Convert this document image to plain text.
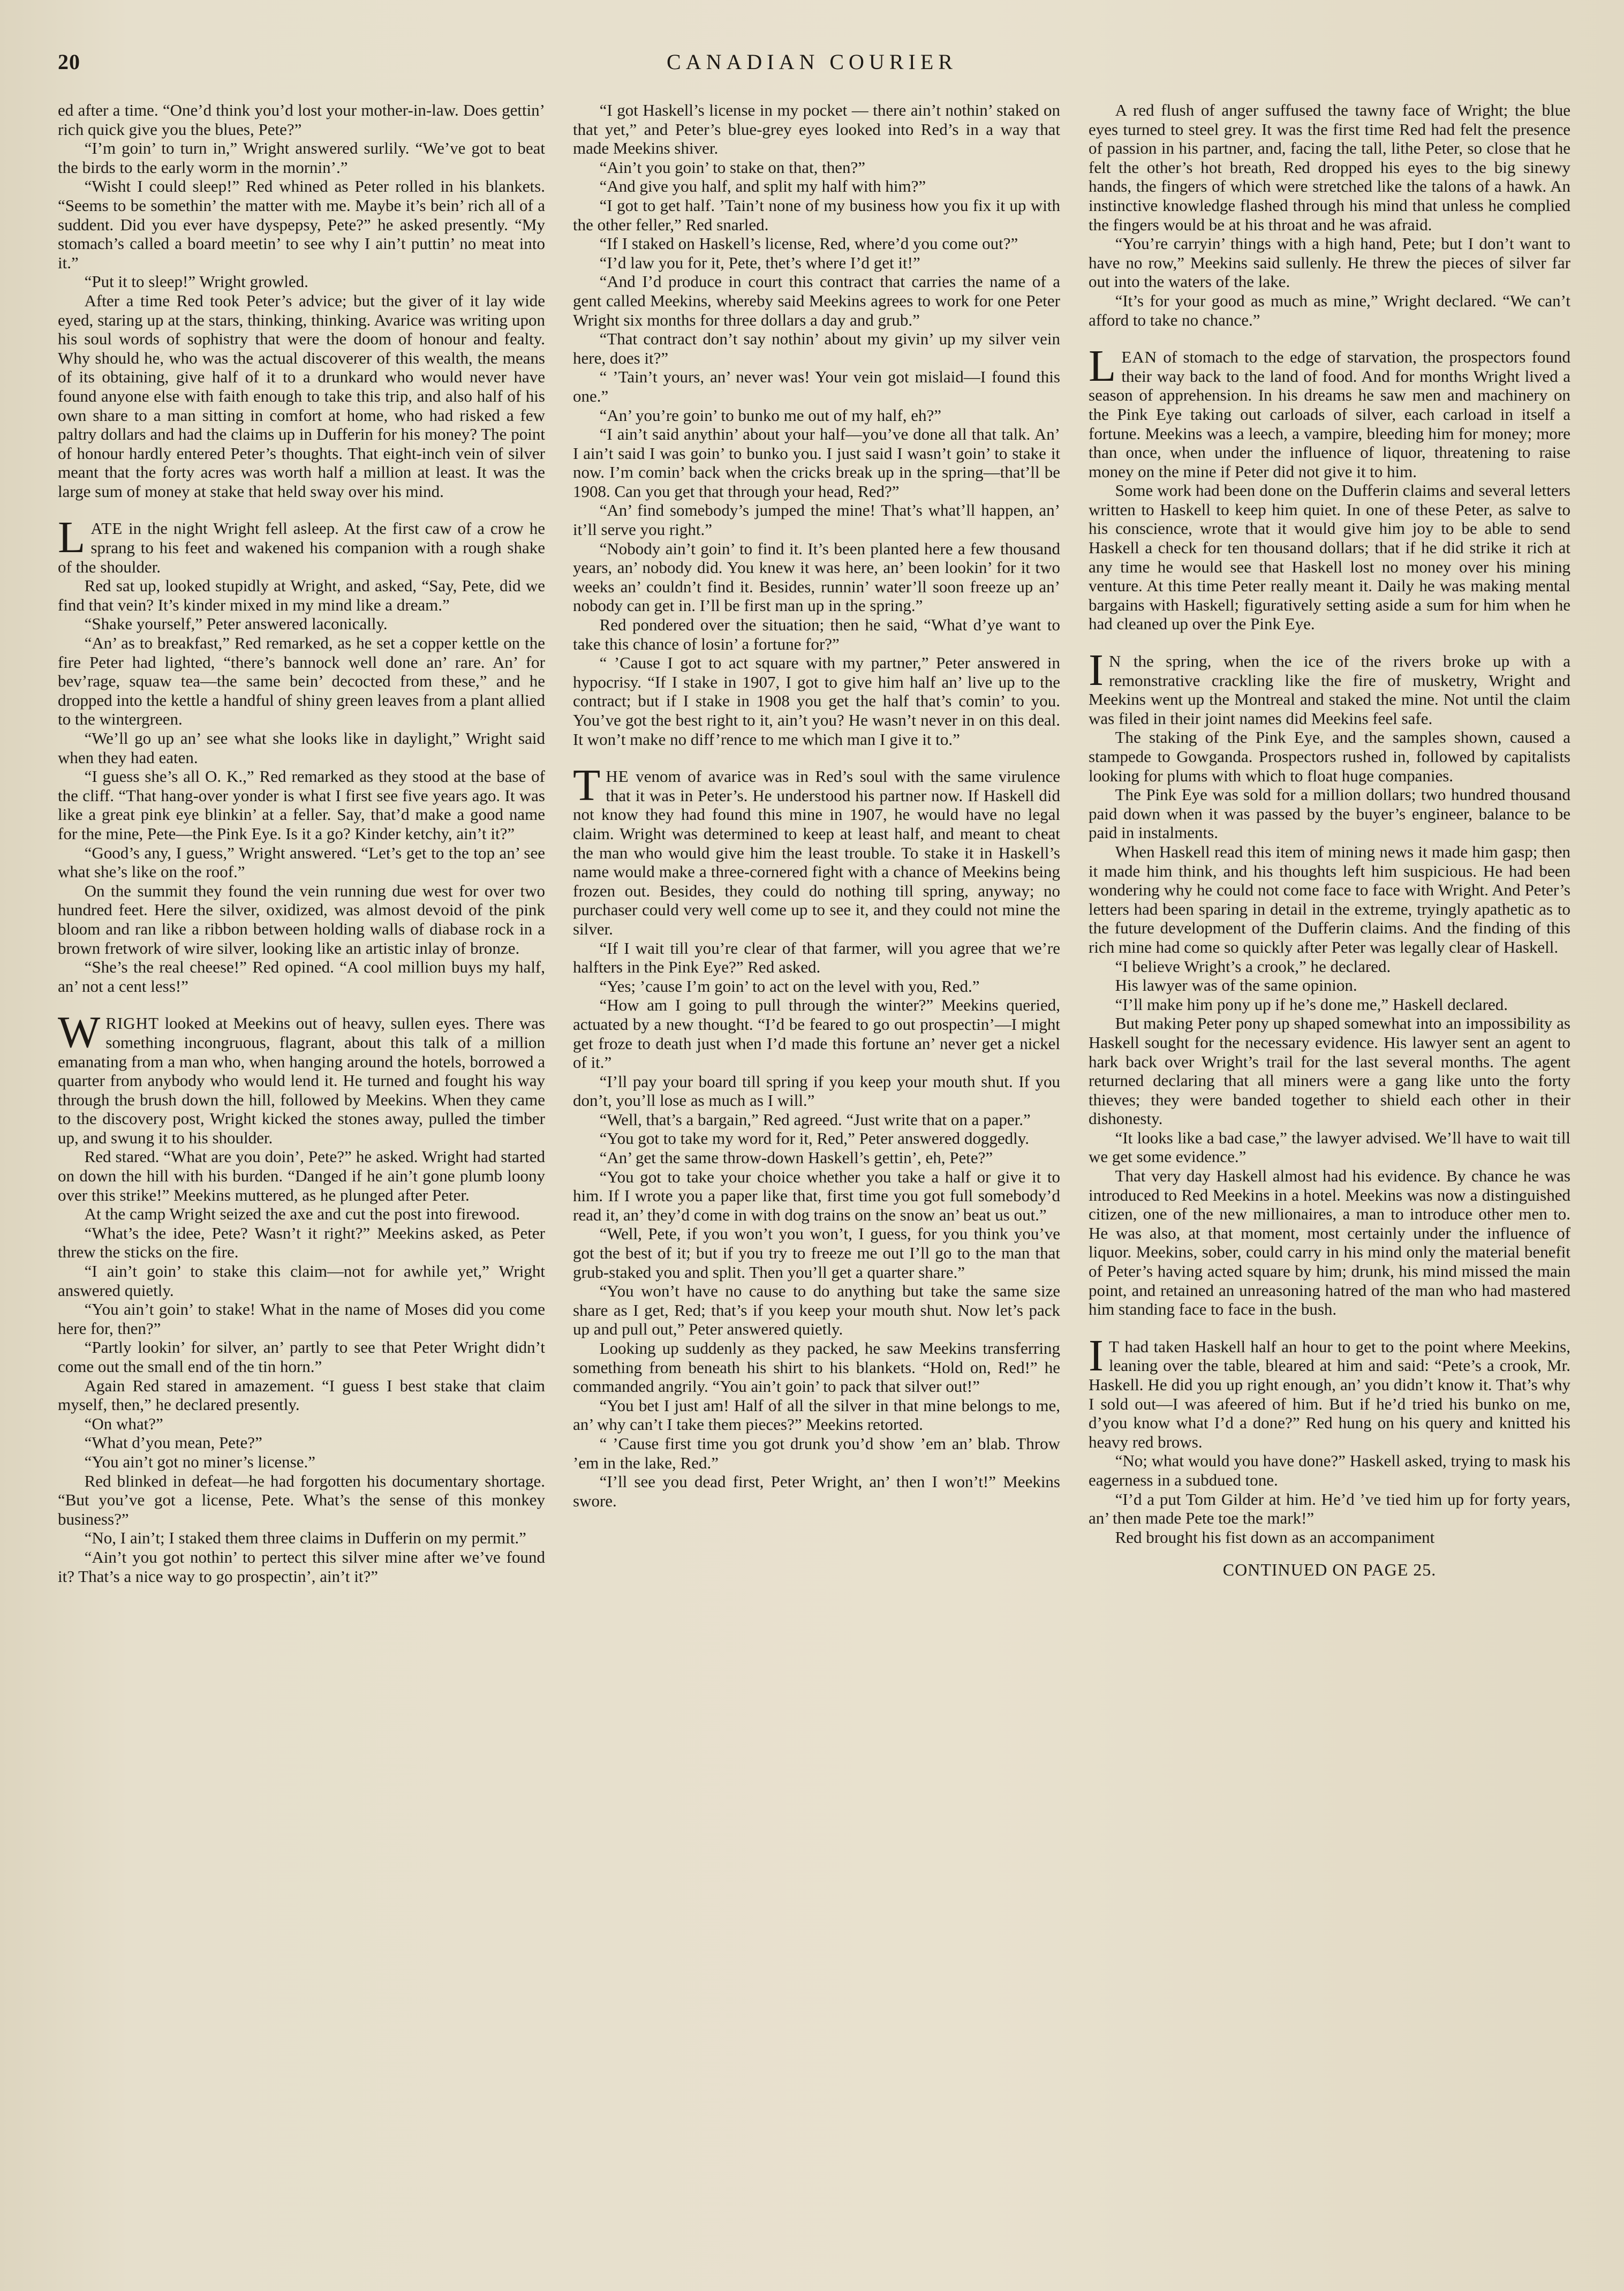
20	CANADIAN COURIER

ed after a time. “One’d think you’d lost your mother-in-law. Does gettin’ rich quick give you the blues, Pete?”

“I’m goin’ to turn in,” Wright answered surlily. “We’ve got to beat the birds to the early worm in the mornin’.”

“Wisht I could sleep!” Red whined as Peter rolled in his blankets. “Seems to be somethin’ the matter with me. Maybe it’s bein’ rich all of a suddent. Did you ever have dyspepsy, Pete?” he asked presently. “My stomach’s called a board meetin’ to see why I ain’t puttin’ no meat into it.”

“Put it to sleep!” Wright growled.

After a time Red took Peter’s advice; but the giver of it lay wide eyed, staring up at the stars, thinking, thinking. Avarice was writing upon his soul words of sophistry that were the doom of honour and fealty. Why should he, who was the actual discoverer of this wealth, the means of its obtaining, give half of it to a drunkard who would never have found anyone else with faith enough to take this trip, and also half of his own share to a man sitting in comfort at home, who had risked a few paltry dollars and had the claims up in Dufferin for his money? The point of honour hardly entered Peter’s thoughts. That eight-inch vein of silver meant that the forty acres was worth half a million at least. It was the large sum of money at stake that held sway over his mind.

LATE in the night Wright fell asleep. At the first caw of a crow he sprang to his feet and wakened his companion with a rough shake of the shoulder.

Red sat up, looked stupidly at Wright, and asked, “Say, Pete, did we find that vein? It’s kinder mixed in my mind like a dream.”

“Shake yourself,” Peter answered laconically.

“An’ as to breakfast,” Red remarked, as he set a copper kettle on the fire Peter had lighted, “there’s bannock well done an’ rare. An’ for bev’rage, squaw tea—the same bein’ decocted from these,” and he dropped into the kettle a handful of shiny green leaves from a plant allied to the wintergreen.

“We’ll go up an’ see what she looks like in daylight,” Wright said when they had eaten.

“I guess she’s all O. K.,” Red remarked as they stood at the base of the cliff. “That hang-over yonder is what I first see five years ago. It was like a great pink eye blinkin’ at a feller. Say, that’d make a good name for the mine, Pete—the Pink Eye. Is it a go? Kinder ketchy, ain’t it?”

“Good’s any, I guess,” Wright answered. “Let’s get to the top an’ see what she’s like on the roof.”

On the summit they found the vein running due west for over two hundred feet. Here the silver, oxidized, was almost devoid of the pink bloom and ran like a ribbon between holding walls of diabase rock in a brown fretwork of wire silver, looking like an artistic inlay of bronze.

“She’s the real cheese!” Red opined. “A cool million buys my half, an’ not a cent less!”

WRIGHT looked at Meekins out of heavy, sullen eyes. There was something incongruous, flagrant, about this talk of a million emanating from a man who, when hanging around the hotels, borrowed a quarter from anybody who would lend it. He turned and fought his way through the brush down the hill, followed by Meekins. When they came to the discovery post, Wright kicked the stones away, pulled the timber up, and swung it to his shoulder.

Red stared. “What are you doin’, Pete?” he asked. Wright had started on down the hill with his burden. “Danged if he ain’t gone plumb loony over this strike!” Meekins muttered, as he plunged after Peter.

At the camp Wright seized the axe and cut the post into firewood.

“What’s the idee, Pete? Wasn’t it right?” Meekins asked, as Peter threw the sticks on the fire.

“I ain’t goin’ to stake this claim—not for awhile yet,” Wright answered quietly.

“You ain’t goin’ to stake! What in the name of Moses did you come here for, then?”

“Partly lookin’ for silver, an’ partly to see that Peter Wright didn’t come out the small end of the tin horn.”

Again Red stared in amazement. “I guess I best stake that claim myself, then,” he declared presently.

“On what?”

“What d’you mean, Pete?”

“You ain’t got no miner’s license.”

Red blinked in defeat—he had forgotten his documentary shortage. “But you’ve got a license, Pete. What’s the sense of this monkey business?”

“No, I ain’t; I staked them three claims in Dufferin on my permit.”

“Ain’t you got nothin’ to pertect this silver mine after we’ve found it? That’s a nice way to go prospectin’, ain’t it?”

“I got Haskell’s license in my pocket — there ain’t nothin’ staked on that yet,” and Peter’s blue-grey eyes looked into Red’s in a way that made Meekins shiver.

“Ain’t you goin’ to stake on that, then?”

“And give you half, and split my half with him?”

“I got to get half. ’Tain’t none of my business how you fix it up with the other feller,” Red snarled.

“If I staked on Haskell’s license, Red, where’d you come out?”

“I’d law you for it, Pete, thet’s where I’d get it!”

“And I’d produce in court this contract that carries the name of a gent called Meekins, whereby said Meekins agrees to work for one Peter Wright six months for three dollars a day and grub.”

“That contract don’t say nothin’ about my givin’ up my silver vein here, does it?”

“ ’Tain’t yours, an’ never was! Your vein got mislaid—I found this one.”

“An’ you’re goin’ to bunko me out of my half, eh?”

“I ain’t said anythin’ about your half—you’ve done all that talk. An’ I ain’t said I was goin’ to bunko you. I just said I wasn’t goin’ to stake it now. I’m comin’ back when the cricks break up in the spring—that’ll be 1908. Can you get that through your head, Red?”

“An’ find somebody’s jumped the mine! That’s what’ll happen, an’ it’ll serve you right.”

“Nobody ain’t goin’ to find it. It’s been planted here a few thousand years, an’ nobody did. You knew it was here, an’ been lookin’ for it two weeks an’ couldn’t find it. Besides, runnin’ water’ll soon freeze up an’ nobody can get in. I’ll be first man up in the spring.”

Red pondered over the situation; then he said, “What d’ye want to take this chance of losin’ a fortune for?”

“ ’Cause I got to act square with my partner,” Peter answered in hypocrisy. “If I stake in 1907, I got to give him half an’ live up to the contract; but if I stake in 1908 you get the half that’s comin’ to you. You’ve got the best right to it, ain’t you? He wasn’t never in on this deal. It won’t make no diff’rence to me which man I give it to.”

THE venom of avarice was in Red’s soul with the same virulence that it was in Peter’s. He understood his partner now. If Haskell did not know they had found this mine in 1907, he would have no legal claim. Wright was determined to keep at least half, and meant to cheat the man who would give him the least trouble. To stake it in Haskell’s name would make a three-cornered fight with a chance of Meekins being frozen out. Besides, they could do nothing till spring, anyway; no purchaser could very well come up to see it, and they could not mine the silver.

“If I wait till you’re clear of that farmer, will you agree that we’re halfters in the Pink Eye?” Red asked.

“Yes; ’cause I’m goin’ to act on the level with you, Red.”

“How am I going to pull through the winter?” Meekins queried, actuated by a new thought. “I’d be feared to go out prospectin’—I might get froze to death just when I’d made this fortune an’ never get a nickel of it.”

“I’ll pay your board till spring if you keep your mouth shut. If you don’t, you’ll lose as much as I will.”

“Well, that’s a bargain,” Red agreed. “Just write that on a paper.”

“You got to take my word for it, Red,” Peter answered doggedly.

“An’ get the same throw-down Haskell’s gettin’, eh, Pete?”

“You got to take your choice whether you take a half or give it to him. If I wrote you a paper like that, first time you got full somebody’d read it, an’ they’d come in with dog trains on the snow an’ beat us out.”

“Well, Pete, if you won’t you won’t, I guess, for you think you’ve got the best of it; but if you try to freeze me out I’ll go to the man that grub-staked you and split. Then you’ll get a quarter share.”

“You won’t have no cause to do anything but take the same size share as I get, Red; that’s if you keep your mouth shut. Now let’s pack up and pull out,” Peter answered quietly.

Looking up suddenly as they packed, he saw Meekins transferring something from beneath his shirt to his blankets. “Hold on, Red!” he commanded angrily. “You ain’t goin’ to pack that silver out!”

“You bet I just am! Half of all the silver in that mine belongs to me, an’ why can’t I take them pieces?” Meekins retorted.

“ ’Cause first time you got drunk you’d show ’em an’ blab. Throw ’em in the lake, Red.”

“I’ll see you dead first, Peter Wright, an’ then I won’t!” Meekins swore.

A red flush of anger suffused the tawny face of Wright; the blue eyes turned to steel grey. It was the first time Red had felt the presence of passion in his partner, and, facing the tall, lithe Peter, so close that he felt the other’s hot breath, Red dropped his eyes to the big sinewy hands, the fingers of which were stretched like the talons of a hawk. An instinctive knowledge flashed through his mind that unless he complied the fingers would be at his throat and he was afraid.

“You’re carryin’ things with a high hand, Pete; but I don’t want to have no row,” Meekins said sullenly. He threw the pieces of silver far out into the waters of the lake.

“It’s for your good as much as mine,” Wright declared. “We can’t afford to take no chance.”

LEAN of stomach to the edge of starvation, the prospectors found their way back to the land of food. And for months Wright lived a season of apprehension. In his dreams he saw men and machinery on the Pink Eye taking out carloads of silver, each carload in itself a fortune. Meekins was a leech, a vampire, bleeding him for money; more than once, when under the influence of liquor, threatening to raise money on the mine if Peter did not give it to him.

Some work had been done on the Dufferin claims and several letters written to Haskell to keep him quiet. In one of these Peter, as salve to his conscience, wrote that it would give him joy to be able to send Haskell a check for ten thousand dollars; that if he did strike it rich at any time he would see that Haskell lost no money over his mining venture. At this time Peter really meant it. Daily he was making mental bargains with Haskell; figuratively setting aside a sum for him when he had cleaned up over the Pink Eye.

I N the spring, when the ice of the rivers broke up with a remonstrative crackling like the fire of musketry, Wright and Meekins went up the Montreal and staked the mine. Not until the claim was filed in their joint names did Meekins feel safe.

The staking of the Pink Eye, and the samples shown, caused a stampede to Gowganda. Prospectors rushed in, followed by capitalists looking for plums with which to float huge companies.

The Pink Eye was sold for a million dollars; two hundred thousand paid down when it was passed by the buyer’s engineer, balance to be paid in instalments.

When Haskell read this item of mining news it made him gasp; then it made him think, and his thoughts left him suspicious. He had been wondering why he could not come face to face with Wright. And Peter’s letters had been sparing in detail in the extreme, tryingly apathetic as to the future development of the Dufferin claims. And the finding of this rich mine had come so quickly after Peter was legally clear of Haskell.

“I believe Wright’s a crook,” he declared.

His lawyer was of the same opinion.

“I’ll make him pony up if he’s done me,” Haskell declared.

But making Peter pony up shaped somewhat into an impossibility as Haskell sought for the necessary evidence. His lawyer sent an agent to hark back over Wright’s trail for the last several months. The agent returned declaring that all miners were a gang like unto the forty thieves; they were banded together to shield each other in their dishonesty.

“It looks like a bad case,” the lawyer advised. We’ll have to wait till we get some evidence.”

That very day Haskell almost had his evidence. By chance he was introduced to Red Meekins in a hotel. Meekins was now a distinguished citizen, one of the new millionaires, a man to introduce other men to. He was also, at that moment, most certainly under the influence of liquor. Meekins, sober, could carry in his mind only the material benefit of Peter’s having acted square by him; drunk, his mind missed the main point, and retained an unreasoning hatred of the man who had mastered him standing face to face in the bush.

I T had taken Haskell half an hour to get to the point where Meekins, leaning over the table, bleared at him and said: “Pete’s a crook, Mr. Haskell. He did you up right enough, an’ you didn’t know it. That’s why I sold out—I was afeered of him. But if he’d tried his bunko on me, d’you know what I’d a done?” Red hung on his query and knitted his heavy red brows.

“No; what would you have done?” Haskell asked, trying to mask his eagerness in a subdued tone.

“I’d a put Tom Gilder at him. He’d ’ve tied him up for forty years, an’ then made Pete toe the mark!”

Red brought his fist down as an accompaniment

CONTINUED ON PAGE 25.
